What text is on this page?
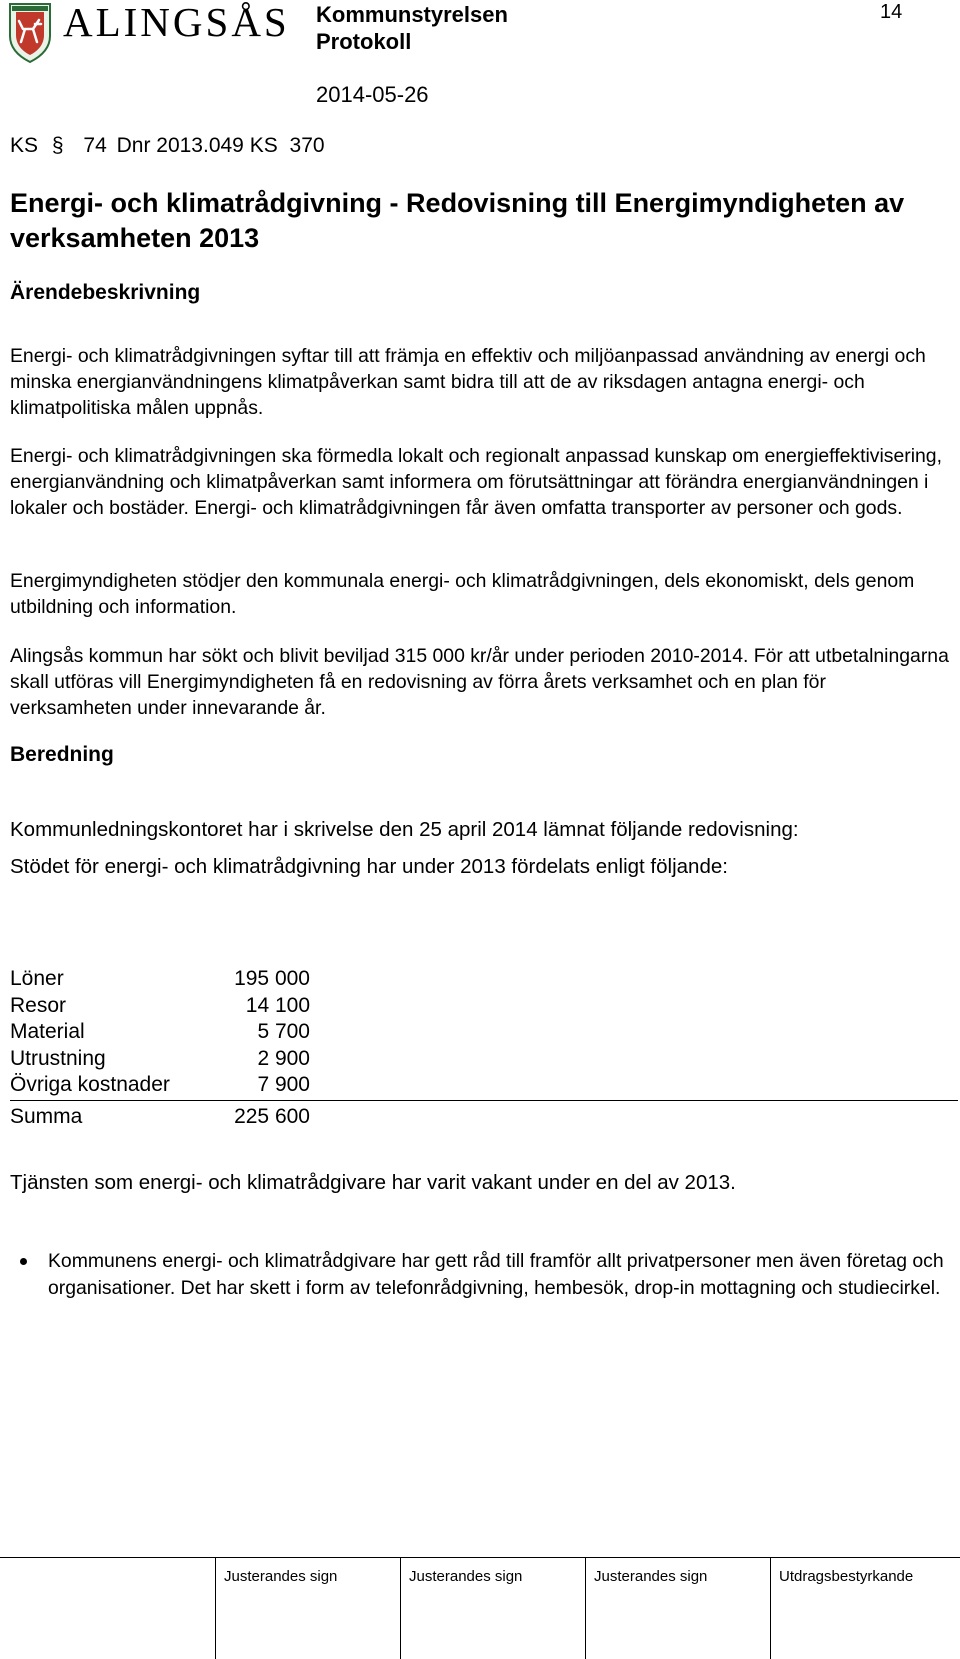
ALINGSÅS Kommunstyrelsen
Protokoll
2014-05-26
14
KS § 74 Dnr 2013.049 KS 370
Energi- och klimatrådgivning - Redovisning till Energimyndigheten av verksamheten 2013
Ärendebeskrivning
Energi- och klimatrådgivningen syftar till att främja en effektiv och miljöanpassad användning av energi och minska energianvändningens klimatpåverkan samt bidra till att de av riksdagen antagna energi- och klimatpolitiska målen uppnås.
Energi- och klimatrådgivningen ska förmedla lokalt och regionalt anpassad kunskap om energieffektivisering, energianvändning och klimatpåverkan samt informera om förutsättningar att förändra energianvändningen i lokaler och bostäder. Energi- och klimatrådgivningen får även omfatta transporter av personer och gods.
Energimyndigheten stödjer den kommunala energi- och klimatrådgivningen, dels ekonomiskt, dels genom utbildning och information.
Alingsås kommun har sökt och blivit beviljad 315 000 kr/år under perioden 2010-2014. För att utbetalningarna skall utföras vill Energimyndigheten få en redovisning av förra årets verksamhet och en plan för verksamheten under innevarande år.
Beredning
Kommunledningskontoret har i skrivelse den 25 april 2014 lämnat följande redovisning:
Stödet för energi- och klimatrådgivning har under 2013 fördelats enligt följande:
Löner	195 000
Resor	14 100
Material	5 700
Utrustning	2 900
Övriga kostnader	7 900
Summa	225 600
Tjänsten som energi- och klimatrådgivare har varit vakant under en del av 2013.
Kommunens energi- och klimatrådgivare har gett råd till framför allt privatpersoner men även företag och organisationer. Det har skett i form av telefonrådgivning, hembesök, drop-in mottagning och studiecirkel.
Justerandes sign	Justerandes sign	Justerandes sign	Utdragsbestyrkande
